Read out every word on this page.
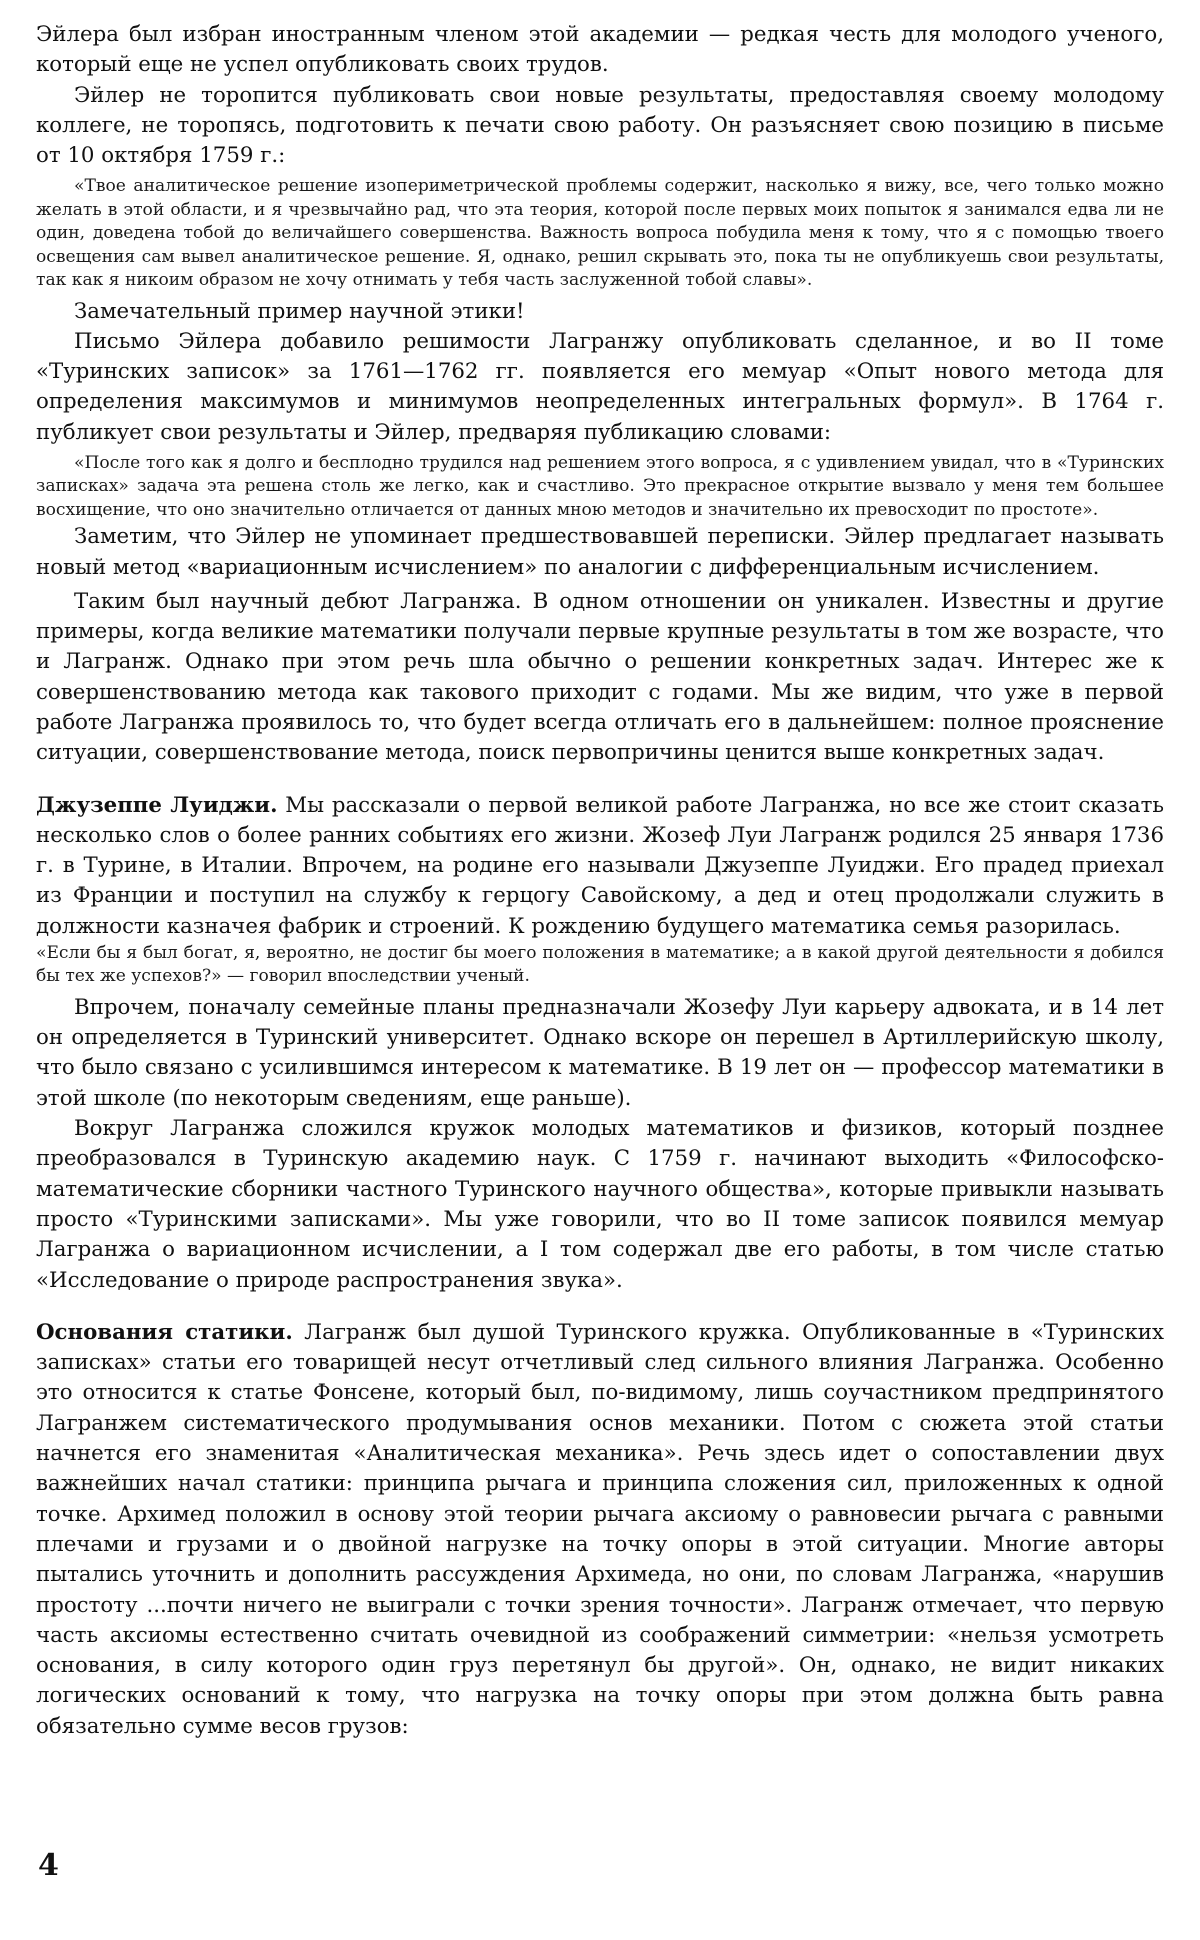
Эйлера был избран иностранным членом этой академии — редкая честь для молодого ученого, который еще не успел опубликовать своих трудов.

Эйлер не торопится публиковать свои новые результаты, предоставляя своему молодому коллеге, не торопясь, подготовить к печати свою работу. Он разъясняет свою позицию в письме от 10 октября 1759 г.:

«Твое аналитическое решение изопериметрической проблемы содержит, насколько я вижу, все, чего только можно желать в этой области, и я чрезвычайно рад, что эта теория, которой после первых моих попыток я занимался едва ли не один, доведена тобой до величайшего совершенства. Важность вопроса побудила меня к тому, что я с помощью твоего освещения сам вывел аналитическое решение. Я, однако, решил скрывать это, пока ты не опубликуешь свои результаты, так как я никоим образом не хочу отнимать у тебя часть заслуженной тобой славы».

Замечательный пример научной этики!

Письмо Эйлера добавило решимости Лагранжу опубликовать сделанное, и во II томе «Туринских записок» за 1761—1762 гг. появляется его мемуар «Опыт нового метода для определения максимумов и минимумов неопределенных интегральных формул». В 1764 г. публикует свои результаты и Эйлер, предваряя публикацию словами:

«После того как я долго и бесплодно трудился над решением этого вопроса, я с удивлением увидал, что в «Туринских записках» задача эта решена столь же легко, как и счастливо. Это прекрасное открытие вызвало у меня тем большее восхищение, что оно значительно отличается от данных мною методов и значительно их превосходит по простоте».

Заметим, что Эйлер не упоминает предшествовавшей переписки. Эйлер предлагает называть новый метод «вариационным исчислением» по аналогии с дифференциальным исчислением.

Таким был научный дебют Лагранжа. В одном отношении он уникален. Известны и другие примеры, когда великие математики получали первые крупные результаты в том же возрасте, что и Лагранж. Однако при этом речь шла обычно о решении конкретных задач. Интерес же к совершенствованию метода как такового приходит с годами. Мы же видим, что уже в первой работе Лагранжа проявилось то, что будет всегда отличать его в дальнейшем: полное прояснение ситуации, совершенствование метода, поиск первопричины ценится выше конкретных задач.

Джузеппе Луиджи. Мы рассказали о первой великой работе Лагранжа, но все же стоит сказать несколько слов о более ранних событиях его жизни. Жозеф Луи Лагранж родился 25 января 1736 г. в Турине, в Италии. Впрочем, на родине его называли Джузеппе Луиджи. Его прадед приехал из Франции и поступил на службу к герцогу Савойскому, а дед и отец продолжали служить в должности казначея фабрик и строений. К рождению будущего математика семья разорилась.

«Если бы я был богат, я, вероятно, не достиг бы моего положения в математике; а в какой другой деятельности я добился бы тех же успехов?» — говорил впоследствии ученый.

Впрочем, поначалу семейные планы предназначали Жозефу Луи карьеру адвоката, и в 14 лет он определяется в Туринский университет. Однако вскоре он перешел в Артиллерийскую школу, что было связано с усилившимся интересом к математике. В 19 лет он — профессор математики в этой школе (по некоторым сведениям, еще раньше).

Вокруг Лагранжа сложился кружок молодых математиков и физиков, который позднее преобразовался в Туринскую академию наук. С 1759 г. начинают выходить «Философско-математические сборники частного Туринского научного общества», которые привыкли называть просто «Туринскими записками». Мы уже говорили, что во II томе записок появился мемуар Лагранжа о вариационном исчислении, а I том содержал две его работы, в том числе статью «Исследование о природе распространения звука».

Основания статики. Лагранж был душой Туринского кружка. Опубликованные в «Туринских записках» статьи его товарищей несут отчетливый след сильного влияния Лагранжа. Особенно это относится к статье Фонсене, который был, по-видимому, лишь соучастником предпринятого Лагранжем систематического продумывания основ механики. Потом с сюжета этой статьи начнется его знаменитая «Аналитическая механика». Речь здесь идет о сопоставлении двух важнейших начал статики: принципа рычага и принципа сложения сил, приложенных к одной точке. Архимед положил в основу этой теории рычага аксиому о равновесии рычага с равными плечами и грузами и о двойной нагрузке на точку опоры в этой ситуации. Многие авторы пытались уточнить и дополнить рассуждения Архимеда, но они, по словам Лагранжа, «нарушив простоту ...почти ничего не выиграли с точки зрения точности». Лагранж отмечает, что первую часть аксиомы естественно считать очевидной из соображений симметрии: «нельзя усмотреть основания, в силу которого один груз перетянул бы другой». Он, однако, не видит никаких логических оснований к тому, что нагрузка на точку опоры при этом должна быть равна обязательно сумме весов грузов:

4
